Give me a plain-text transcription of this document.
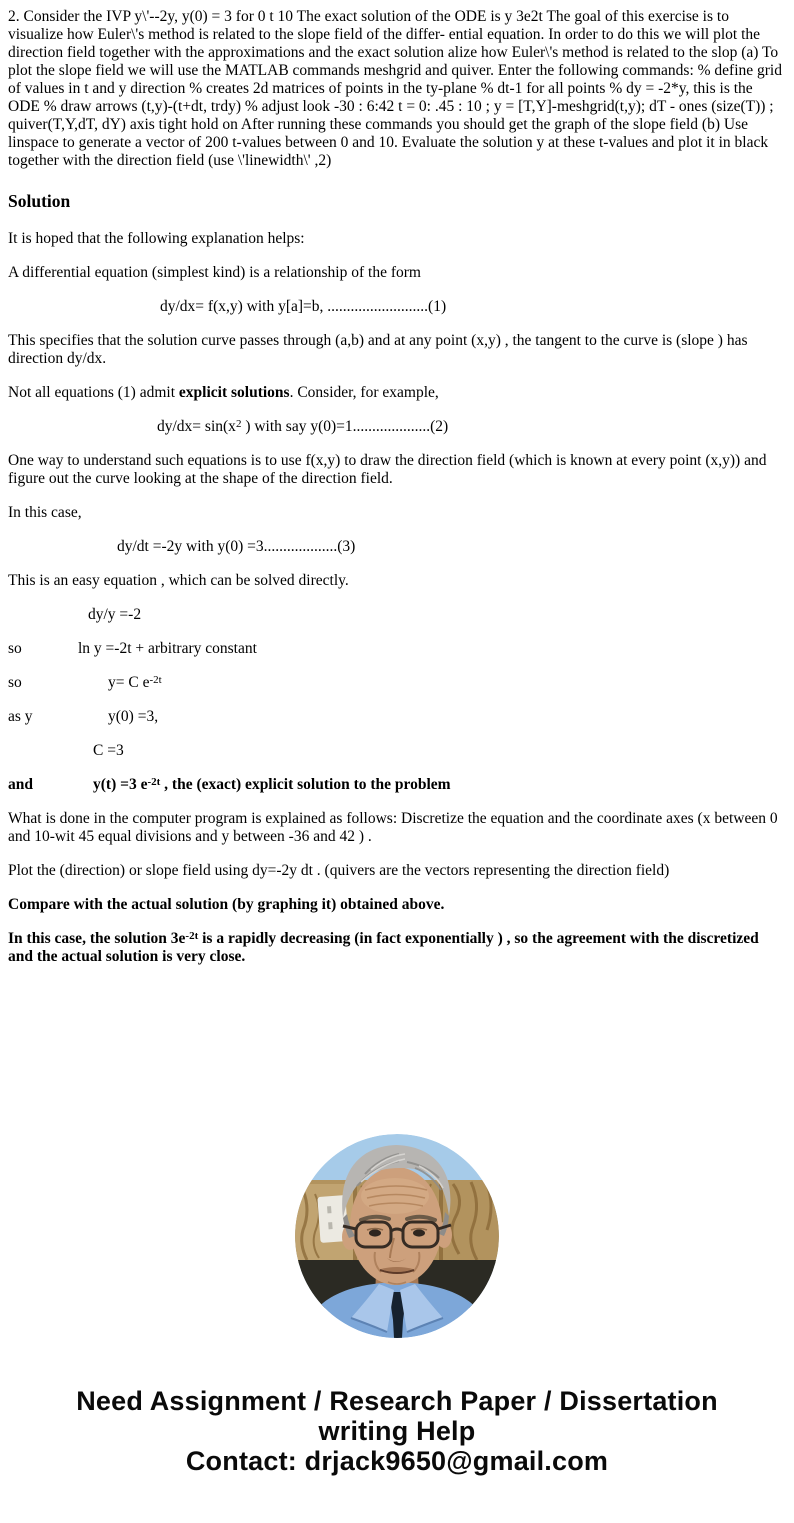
2. Consider the IVP y\'--2y, y(0) = 3 for 0 t 10 The exact solution of the ODE is y 3e2t The goal of this exercise is to visualize how Euler\'s method is related to the slope field of the differ- ential equation. In order to do this we will plot the direction field together with the approximations and the exact solution alize how Euler\'s method is related to the slop (a) To plot the slope field we will use the MATLAB commands meshgrid and quiver. Enter the following commands: % define grid of values in t and y direction % creates 2d matrices of points in the ty-plane % dt-1 for all points % dy = -2*y, this is the ODE % draw arrows (t,y)-(t+dt, trdy) % adjust look -30 : 6:42 t = 0: .45 : 10 ; y = [T,Y]-meshgrid(t,y); dT - ones (size(T)) ; quiver(T,Y,dT, dY) axis tight hold on After running these commands you should get the graph of the slope field (b) Use linspace to generate a vector of 200 t-values between 0 and 10. Evaluate the solution y at these t-values and plot it in black together with the direction field (use \'linewidth\' ,2)

Solution

It is hoped that the following explanation helps:

A differential equation (simplest kind) is a relationship of the form

dy/dx= f(x,y) with y[a]=b, ..........................(1)

This specifies that the solution curve passes through (a,b) and at any point (x,y) , the tangent to the curve is (slope ) has direction dy/dx.

Not all equations (1) admit explicit solutions. Consider, for example,

$dy/dx= \sin(x^2$ ) with say y(0)=1....................(2)

One way to understand such equations is to use f(x,y) to draw the direction field (which is known at every point (x,y)) and figure out the curve looking at the shape of the direction field.

In this case,

dy/dt =-2y with y(0) =3...................(3)

This is an easy equation , which can be solved directly.

dy/y =-2

so	ln y =-2t + arbitrary constant

so	y= C $e^{-2t}$

as y	y(0) =3,

C =3

and	y(t) =3 $e^{-2t}$ , the (exact) explicit solution to the problem

What is done in the computer program is explained as follows: Discretize the equation and the coordinate axes (x between 0 and 10-wit 45 equal divisions and y between -36 and 42 ) .

Plot the (direction) or slope field using dy=-2y dt . (quivers are the vectors representing the direction field)

Compare with the actual solution (by graphing it) obtained above.

In this case, the solution $3e^{-2t}$ is a rapidly decreasing (in fact exponentially ) , so the agreement with the discretized and the actual solution is very close.

Need Assignment / Research Paper / Dissertation
writing Help
Contact: drjack9650@gmail.com
